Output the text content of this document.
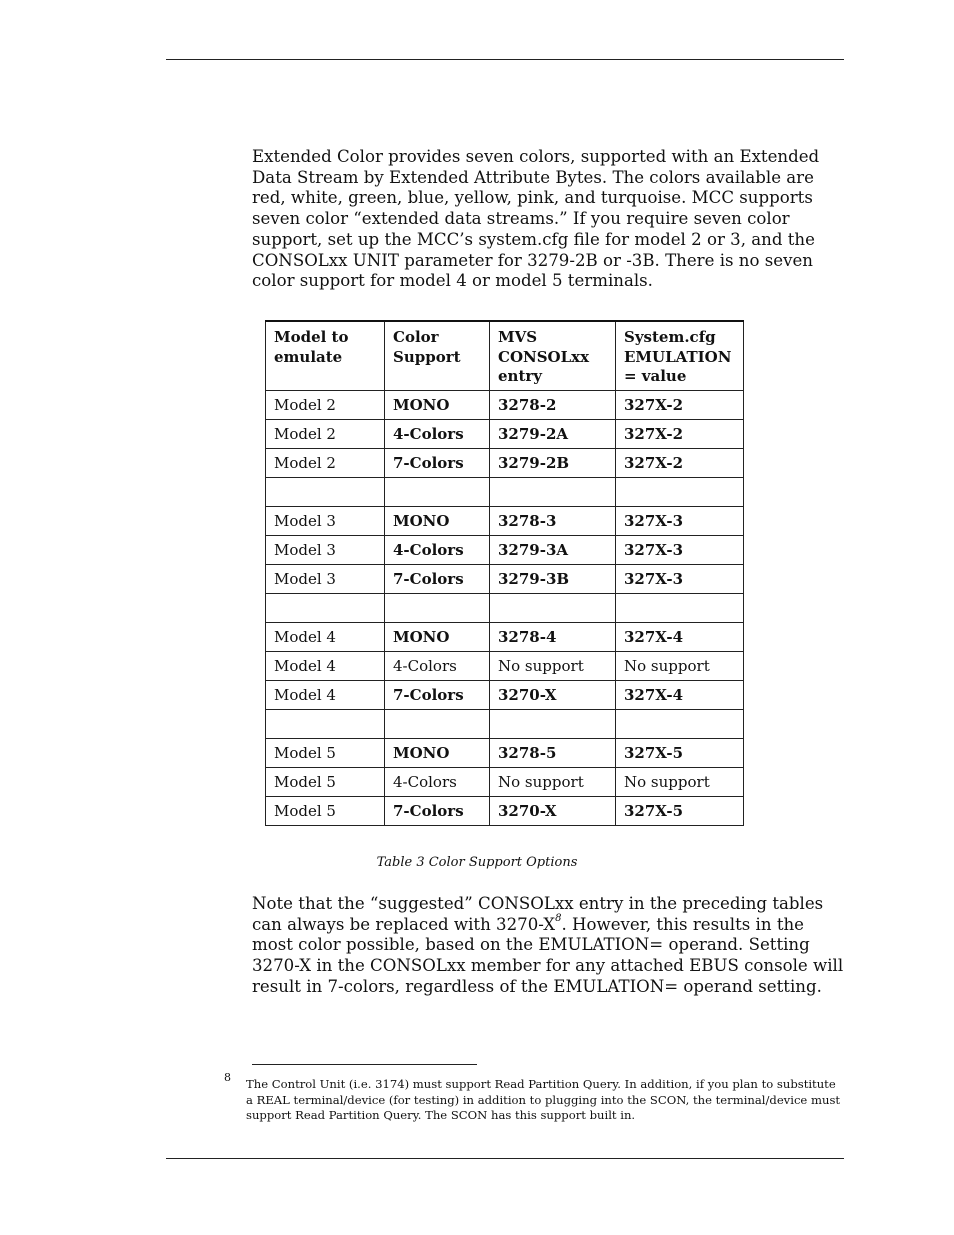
Extended Color provides seven colors, supported with an Extended Data Stream by Extended Attribute Bytes. The colors available are red, white, green, blue, yellow, pink, and turquoise. MCC supports seven color “extended data streams.” If you require seven color support, set up the MCC’s system.cfg file for model 2 or 3, and the CONSOLxx UNIT parameter for 3279-2B or -3B. There is no seven color support for model 4 or model 5 terminals.

Model to emulate	Color Support	MVS CONSOLxx entry	System.cfg EMULATION = value
Model 2	MONO	3278-2	327X-2
Model 2	4-Colors	3279-2A	327X-2
Model 2	7-Colors	3279-2B	327X-2

Model 3	MONO	3278-3	327X-3
Model 3	4-Colors	3279-3A	327X-3
Model 3	7-Colors	3279-3B	327X-3

Model 4	MONO	3278-4	327X-4
Model 4	4-Colors	No support	No support
Model 4	7-Colors	3270-X	327X-4

Model 5	MONO	3278-5	327X-5
Model 5	4-Colors	No support	No support
Model 5	7-Colors	3270-X	327X-5
Table 3 Color Support Options

Note that the “suggested” CONSOLxx entry in the preceding tables can always be replaced with $3270-X^8$. However, this results in the most color possible, based on the EMULATION= operand. Setting 3270-X in the CONSOLxx member for any attached EBUS console will result in 7-colors, regardless of the EMULATION= operand setting.

8 The Control Unit (i.e. 3174) must support Read Partition Query. In addition, if you plan to substitute a REAL terminal/device (for testing) in addition to plugging into the SCON, the terminal/device must support Read Partition Query. The SCON has this support built in.
